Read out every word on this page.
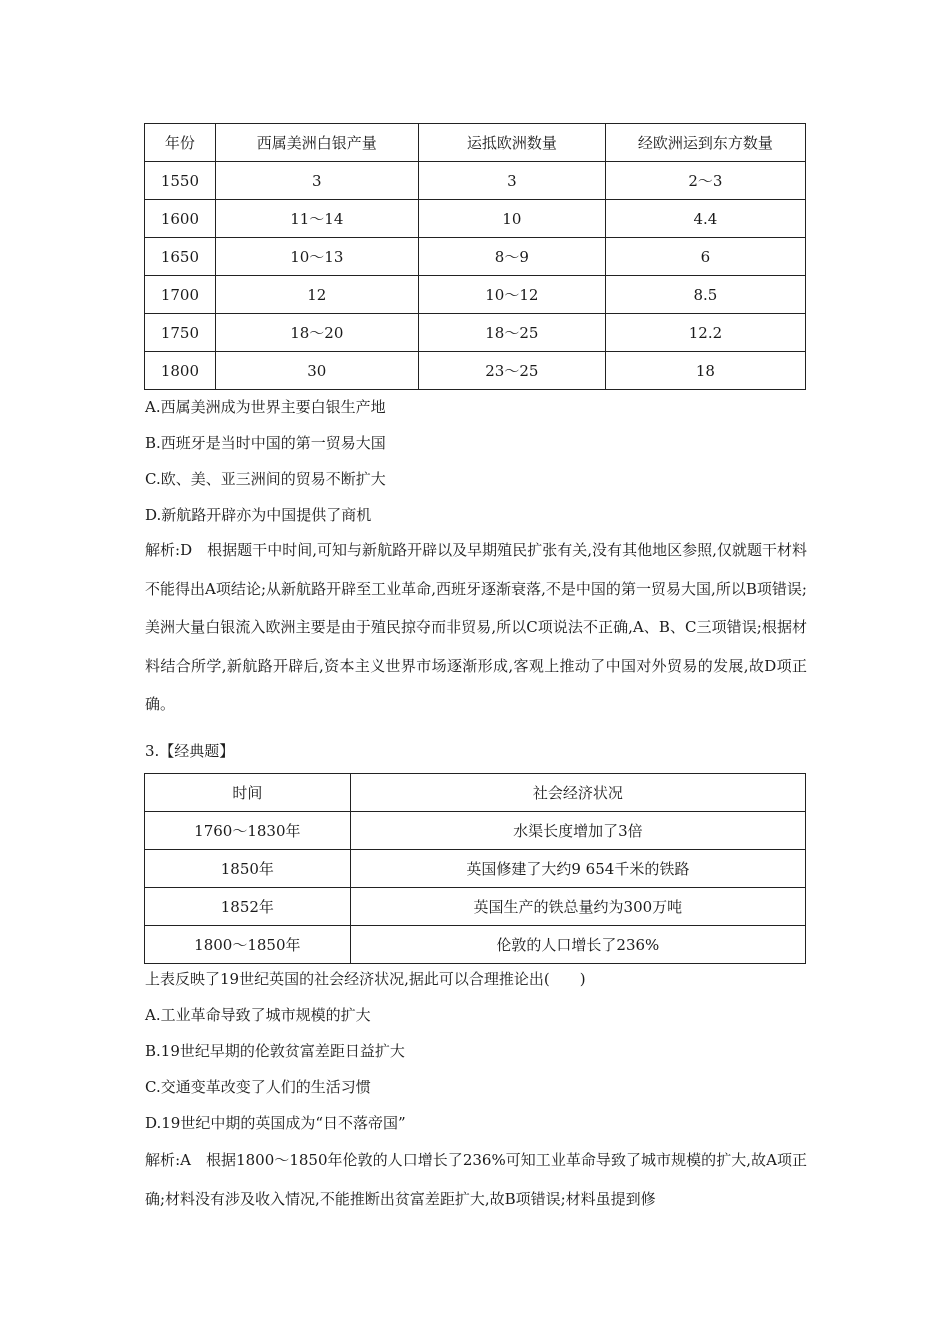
年份	西属美洲白银产量	运抵欧洲数量	经欧洲运到东方数量
1550	3	3	2～3
1600	11～14	10	4.4
1650	10～13	8～9	6
1700	12	10～12	8.5
1750	18～20	18～25	12.2
1800	30	23～25	18
A.西属美洲成为世界主要白银生产地
B.西班牙是当时中国的第一贸易大国
C.欧、美、亚三洲间的贸易不断扩大
D.新航路开辟亦为中国提供了商机
解析:D　根据题干中时间,可知与新航路开辟以及早期殖民扩张有关,没有其他地区参照,仅就题干材料不能得出A项结论;从新航路开辟至工业革命,西班牙逐渐衰落,不是中国的第一贸易大国,所以B项错误;美洲大量白银流入欧洲主要是由于殖民掠夺而非贸易,所以C项说法不正确,A、B、C三项错误;根据材料结合所学,新航路开辟后,资本主义世界市场逐渐形成,客观上推动了中国对外贸易的发展,故D项正确。
3.【经典题】
时间	社会经济状况
1760～1830年	水渠长度增加了3倍
1850年	英国修建了大约9 654千米的铁路
1852年	英国生产的铁总量约为300万吨
1800～1850年	伦敦的人口增长了236%
上表反映了19世纪英国的社会经济状况,据此可以合理推论出(　　)
A.工业革命导致了城市规模的扩大
B.19世纪早期的伦敦贫富差距日益扩大
C.交通变革改变了人们的生活习惯
D.19世纪中期的英国成为“日不落帝国”
解析:A　根据1800～1850年伦敦的人口增长了236%可知工业革命导致了城市规模的扩大,故A项正确;材料没有涉及收入情况,不能推断出贫富差距扩大,故B项错误;材料虽提到修
